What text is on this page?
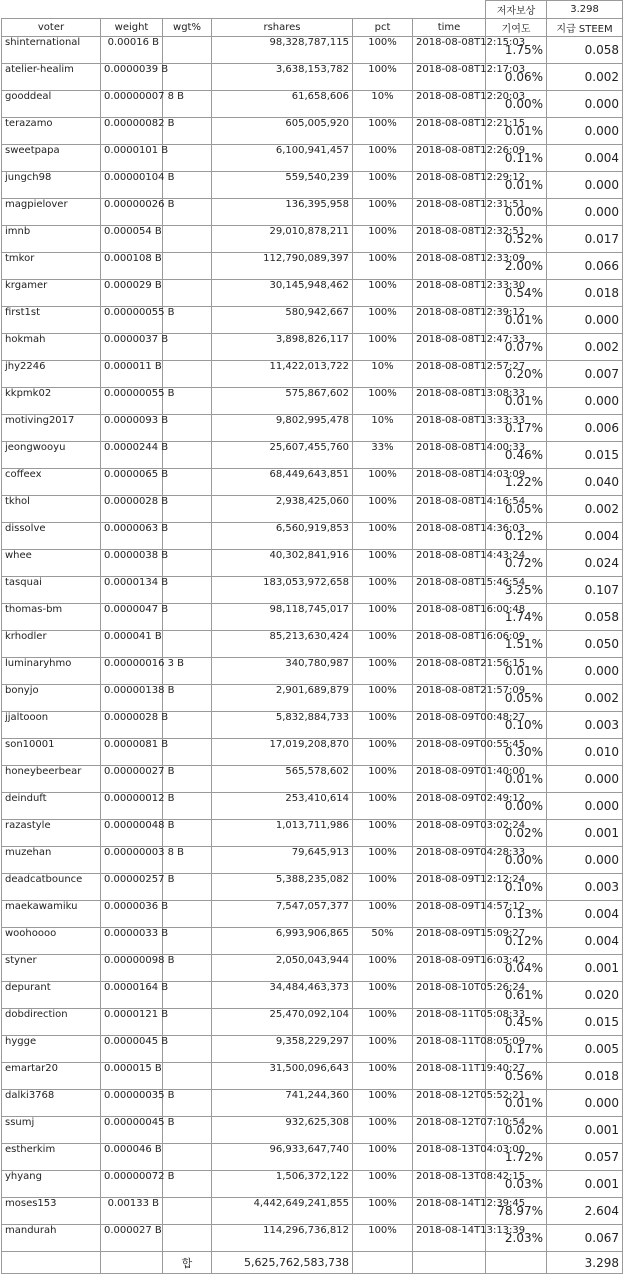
						저자보상	3.298
voter	weight	wgt%	rshares	pct	time	기여도	지급 STEEM
shinternational	0.00016 B		98,328,787,115	100%	2018-08-08T12:15:03	1.75%	0.058
atelier-healim	0.0000039 B		3,638,153,782	100%	2018-08-08T12:17:03	0.06%	0.002
gooddeal	0.00000007 8 B		61,658,606	10%	2018-08-08T12:20:03	0.00%	0.000
terazamo	0.00000082 B		605,005,920	100%	2018-08-08T12:21:15	0.01%	0.000
sweetpapa	0.0000101 B		6,100,941,457	100%	2018-08-08T12:26:09	0.11%	0.004
jungch98	0.00000104 B		559,540,239	100%	2018-08-08T12:29:12	0.01%	0.000
magpielover	0.00000026 B		136,395,958	100%	2018-08-08T12:31:51	0.00%	0.000
imnb	0.000054 B		29,010,878,211	100%	2018-08-08T12:32:51	0.52%	0.017
tmkor	0.000108 B		112,790,089,397	100%	2018-08-08T12:33:09	2.00%	0.066
krgamer	0.000029 B		30,145,948,462	100%	2018-08-08T12:33:30	0.54%	0.018
first1st	0.00000055 B		580,942,667	100%	2018-08-08T12:39:12	0.01%	0.000
hokmah	0.0000037 B		3,898,826,117	100%	2018-08-08T12:47:33	0.07%	0.002
jhy2246	0.000011 B		11,422,013,722	10%	2018-08-08T12:57:27	0.20%	0.007
kkpmk02	0.00000055 B		575,867,602	100%	2018-08-08T13:08:33	0.01%	0.000
motiving2017	0.0000093 B		9,802,995,478	10%	2018-08-08T13:33:33	0.17%	0.006
jeongwooyu	0.0000244 B		25,607,455,760	33%	2018-08-08T14:00:33	0.46%	0.015
coffeex	0.0000065 B		68,449,643,851	100%	2018-08-08T14:03:09	1.22%	0.040
tkhol	0.0000028 B		2,938,425,060	100%	2018-08-08T14:16:54	0.05%	0.002
dissolve	0.0000063 B		6,560,919,853	100%	2018-08-08T14:36:03	0.12%	0.004
whee	0.0000038 B		40,302,841,916	100%	2018-08-08T14:43:24	0.72%	0.024
tasquai	0.0000134 B		183,053,972,658	100%	2018-08-08T15:46:54	3.25%	0.107
thomas-bm	0.0000047 B		98,118,745,017	100%	2018-08-08T16:00:48	1.74%	0.058
krhodler	0.000041 B		85,213,630,424	100%	2018-08-08T16:06:09	1.51%	0.050
luminaryhmo	0.00000016 3 B		340,780,987	100%	2018-08-08T21:56:15	0.01%	0.000
bonyjo	0.00000138 B		2,901,689,879	100%	2018-08-08T21:57:09	0.05%	0.002
jjaltooon	0.0000028 B		5,832,884,733	100%	2018-08-09T00:48:27	0.10%	0.003
son10001	0.0000081 B		17,019,208,870	100%	2018-08-09T00:55:45	0.30%	0.010
honeybeerbear	0.00000027 B		565,578,602	100%	2018-08-09T01:40:00	0.01%	0.000
deinduft	0.00000012 B		253,410,614	100%	2018-08-09T02:49:12	0.00%	0.000
razastyle	0.00000048 B		1,013,711,986	100%	2018-08-09T03:02:24	0.02%	0.001
muzehan	0.00000003 8 B		79,645,913	100%	2018-08-09T04:28:33	0.00%	0.000
deadcatbounce	0.00000257 B		5,388,235,082	100%	2018-08-09T12:12:24	0.10%	0.003
maekawamiku	0.0000036 B		7,547,057,377	100%	2018-08-09T14:57:12	0.13%	0.004
woohoooo	0.0000033 B		6,993,906,865	50%	2018-08-09T15:09:27	0.12%	0.004
styner	0.00000098 B		2,050,043,944	100%	2018-08-09T16:03:42	0.04%	0.001
depurant	0.0000164 B		34,484,463,373	100%	2018-08-10T05:26:24	0.61%	0.020
dobdirection	0.0000121 B		25,470,092,104	100%	2018-08-11T05:08:33	0.45%	0.015
hygge	0.0000045 B		9,358,229,297	100%	2018-08-11T08:05:09	0.17%	0.005
emartar20	0.000015 B		31,500,096,643	100%	2018-08-11T19:40:27	0.56%	0.018
dalki3768	0.00000035 B		741,244,360	100%	2018-08-12T05:52:21	0.01%	0.000
ssumj	0.00000045 B		932,625,308	100%	2018-08-12T07:10:54	0.02%	0.001
estherkim	0.000046 B		96,933,647,740	100%	2018-08-13T04:03:00	1.72%	0.057
yhyang	0.00000072 B		1,506,372,122	100%	2018-08-13T08:42:15	0.03%	0.001
moses153	0.00133 B		4,442,649,241,855	100%	2018-08-14T12:39:45	78.97%	2.604
mandurah	0.000027 B		114,296,736,812	100%	2018-08-14T13:13:39	2.03%	0.067
		합	5,625,762,583,738				3.298
